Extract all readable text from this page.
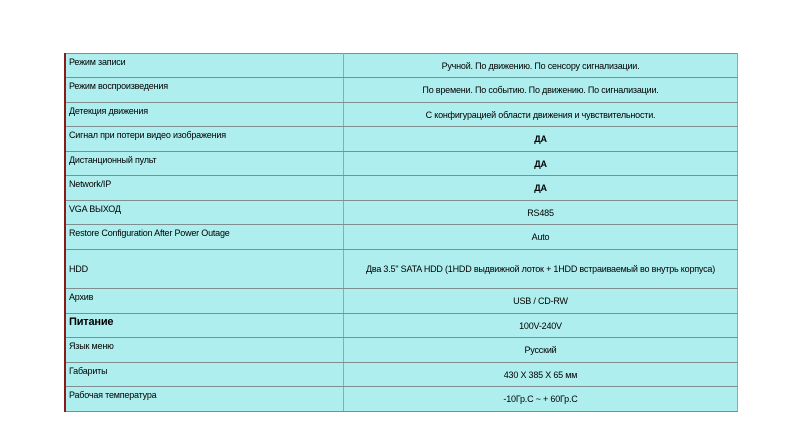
Режим записи	Ручной. По движению. По сенсору сигнализации.
Режим воспроизведения	По времени. По событию. По движению. По сигнализации.
Детекция движения	С конфигурацией области движения и чувствительности.
Сигнал при потери видео изображения	ДА
Дистанционный пульт	ДА
Network/IP	ДА
VGA ВЫХОД	RS485
Restore Configuration After Power Outage	Auto
HDD	Два 3.5" SATA HDD (1HDD выдвижной лоток + 1HDD встраиваемый во внутрь корпуса)
Архив	USB / CD-RW
Питание	100V-240V
Язык меню	Русский
Габариты	430 X 385 X 65 мм
Рабочая температура	-10Гр.С ~ + 60Гр.С
